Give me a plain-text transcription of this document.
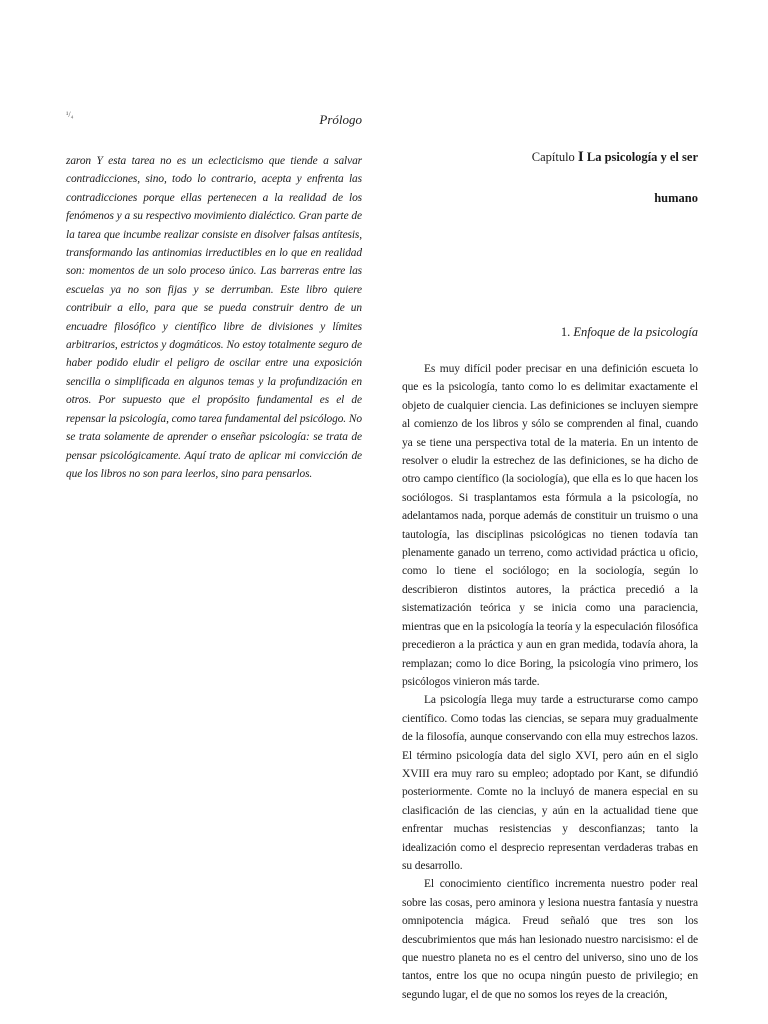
¹/₄	Prólogo

zaron Y esta tarea no es un eclecticismo que tiende a salvar contradicciones, sino, todo lo contrario, acepta y enfrenta las contradicciones porque ellas pertenecen a la realidad de los fenómenos y a su respectivo movimiento dialéctico. Gran parte de la tarea que incumbe realizar consiste en disolver falsas antítesis, transformando las antinomias irreductibles en lo que en realidad son: momentos de un solo proceso único. Las barreras entre las escuelas ya no son fijas y se derrumban. Este libro quiere contribuir a ello, para que se pueda construir dentro de un encuadre filosófico y científico libre de divisiones y límites arbitrarios, estrictos y dogmáticos. No estoy totalmente seguro de haber podido eludir el peligro de oscilar entre una exposición sencilla o simplificada en algunos temas y la profundización en otros. Por supuesto que el propósito fundamental es el de repensar la psicología, como tarea fundamental del psicólogo. No se trata solamente de aprender o enseñar psicología: se trata de pensar psicológicamente. Aquí trato de aplicar mi convicción de que los libros no son para leerlos, sino para pensarlos.

Capítulo I La psicología y el ser
humano
1. Enfoque de la psicología

Es muy difícil poder precisar en una definición escueta lo que es la psicología, tanto como lo es delimitar exactamente el objeto de cualquier ciencia. Las definiciones se incluyen siempre al comienzo de los libros y sólo se comprenden al final, cuando ya se tiene una perspectiva total de la materia. En un intento de resolver o eludir la estrechez de las definiciones, se ha dicho de otro campo científico (la sociología), que ella es lo que hacen los sociólogos. Si trasplantamos esta fórmula a la psicología, no adelantamos nada, porque además de constituir un truismo o una tautología, las disciplinas psicológicas no tienen todavía tan plenamente ganado un terreno, como actividad práctica u oficio, como lo tiene el sociólogo; en la sociología, según lo describieron distintos autores, la práctica precedió a la sistematización teórica y se inicia como una paraciencia, mientras que en la psicología la teoría y la especulación filosófica precedieron a la práctica y aun en gran medida, todavía ahora, la remplazan; como lo dice Boring, la psicología vino primero, los psicólogos vinieron más tarde.

La psicología llega muy tarde a estructurarse como campo científico. Como todas las ciencias, se separa muy gradualmente de la filosofía, aunque conservando con ella muy estrechos lazos. El término psicología data del siglo XVI, pero aún en el siglo XVIII era muy raro su empleo; adoptado por Kant, se difundió posteriormente. Comte no la incluyó de manera especial en su clasificación de las ciencias, y aún en la actualidad tiene que enfrentar muchas resistencias y desconfianzas; tanto la idealización como el desprecio representan verdaderas trabas en su desarrollo.

El conocimiento científico incrementa nuestro poder real sobre las cosas, pero aminora y lesiona nuestra fantasía y nuestra omnipotencia mágica. Freud señaló que tres son los descubrimientos que más han lesionado nuestro narcisismo: el de que nuestro planeta no es el centro del universo, sino uno de los tantos, entre los que no ocupa ningún puesto de privilegio; en segundo lugar, el de que no somos los reyes de la creación,
